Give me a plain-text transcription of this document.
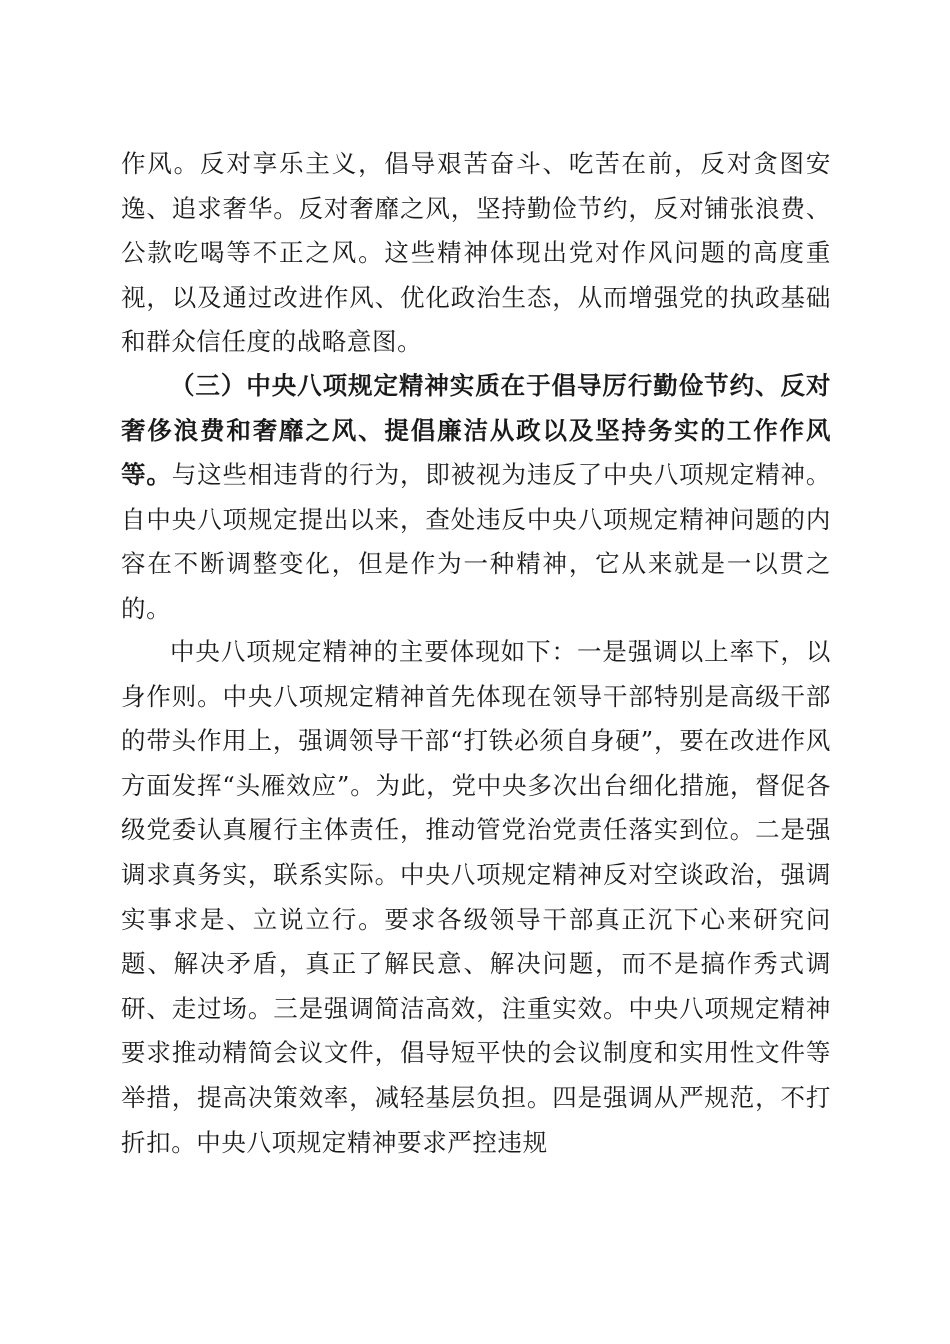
作风。反对享乐主义，倡导艰苦奋斗、吃苦在前，反对贪图安逸、追求奢华。反对奢靡之风，坚持勤俭节约，反对铺张浪费、公款吃喝等不正之风。这些精神体现出党对作风问题的高度重视，以及通过改进作风、优化政治生态，从而增强党的执政基础和群众信任度的战略意图。

（三）中央八项规定精神实质在于倡导厉行勤俭节约、反对奢侈浪费和奢靡之风、提倡廉洁从政以及坚持务实的工作作风等。与这些相违背的行为，即被视为违反了中央八项规定精神。自中央八项规定提出以来，查处违反中央八项规定精神问题的内容在不断调整变化，但是作为一种精神，它从来就是一以贯之的。

中央八项规定精神的主要体现如下：一是强调以上率下，以身作则。中央八项规定精神首先体现在领导干部特别是高级干部的带头作用上，强调领导干部“打铁必须自身硬”，要在改进作风方面发挥“头雁效应”。为此，党中央多次出台细化措施，督促各级党委认真履行主体责任，推动管党治党责任落实到位。二是强调求真务实，联系实际。中央八项规定精神反对空谈政治，强调实事求是、立说立行。要求各级领导干部真正沉下心来研究问题、解决矛盾，真正了解民意、解决问题，而不是搞作秀式调研、走过场。三是强调简洁高效，注重实效。中央八项规定精神要求推动精简会议文件，倡导短平快的会议制度和实用性文件等举措，提高决策效率，减轻基层负担。四是强调从严规范，不打折扣。中央八项规定精神要求严控违规
